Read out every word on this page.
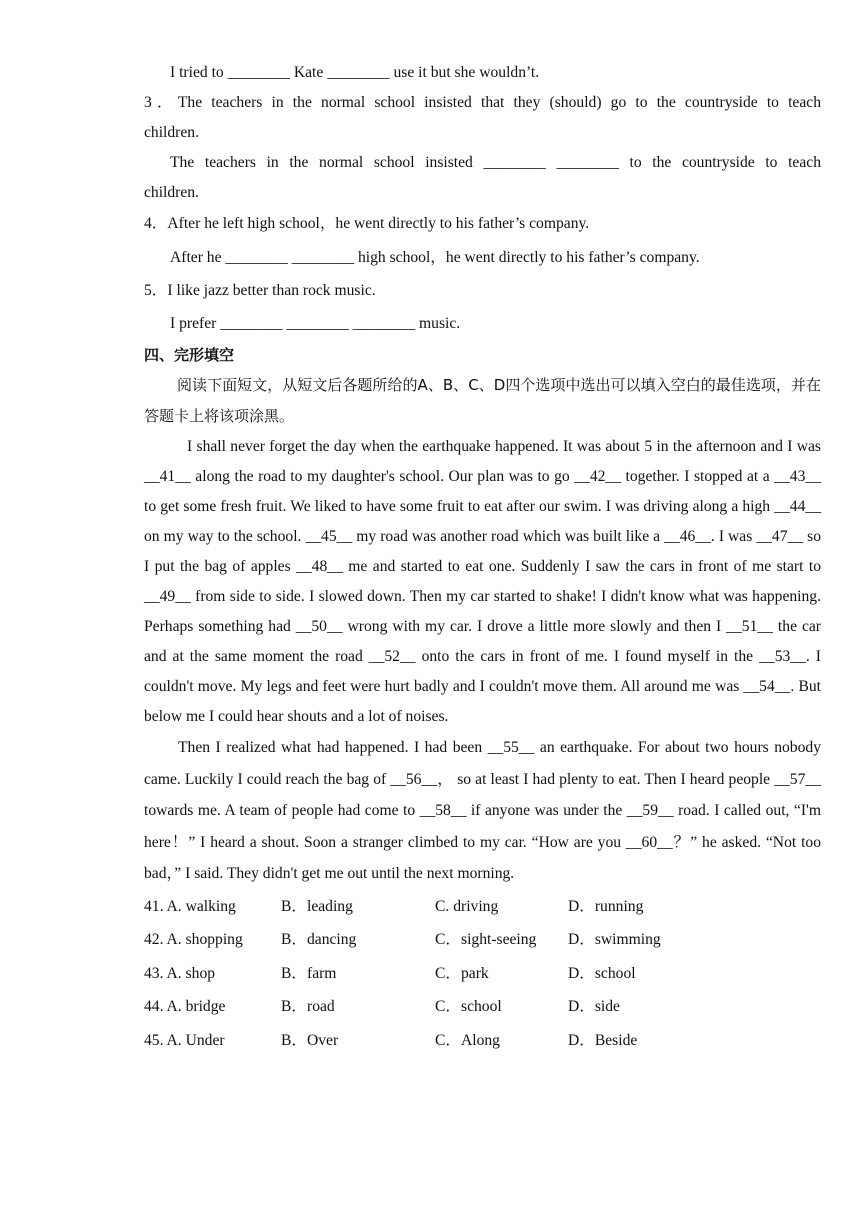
I tried to ________ Kate ________ use it but she wouldn’t.
3．The teachers in the normal school insisted that they (should) go to the countryside to teach
children.
The teachers in the normal school insisted ________ ________ to the countryside to teach
children.
4．After he left high school，he went directly to his father’s company.
After he ________ ________ high school，he went directly to his father’s company.
5．I like jazz better than rock music.
I prefer ________ ________ ________ music.
四、完形填空
阅读下面短文，从短文后各题所给的A、B、C、D四个选项中选出可以填入空白的最佳选项，并在答题卡上将该项涂黑。
I shall never forget the day when the earthquake happened. It was about 5 in the afternoon and I was __41__ along the road to my daughter's school. Our plan was to go __42__ together. I stopped at a __43__ to get some fresh fruit. We liked to have some fruit to eat after our swim. I was driving along a high __44__ on my way to the school. __45__ my road was another road which was built like a __46__. I was __47__ so I put the bag of apples __48__ me and started to eat one. Suddenly I saw the cars in front of me start to __49__ from side to side. I slowed down. Then my car started to shake! I didn't know what was happening. Perhaps something had __50__ wrong with my car. I drove a little more slowly and then I __51__ the car and at the same moment the road __52__ onto the cars in front of me. I found myself in the __53__. I couldn't move. My legs and feet were hurt badly and I couldn't move them. All around me was __54__. But below me I could hear shouts and a lot of noises.
Then I realized what had happened. I had been __55__ an earthquake. For about two hours nobody came. Luckily I could reach the bag of __56__， so at least I had plenty to eat. Then I heard people __57__ towards me. A team of people had come to __58__ if anyone was under the __59__ road. I called out, “I'm here！” I heard a shout. Soon a stranger climbed to my car. “How are you __60__？” he asked. “Not too bad，” I said. They didn't get me out until the next morning.
41. A. walking	B．leading	C. driving	D．running
42. A. shopping B．dancing	C．sight-seeing D．swimming
43. A. shop	B．farm	C．park	D．school
44. A. bridge	B．road	C．school	D．side
45. A. Under	B．Over	C．Along	D．Beside
